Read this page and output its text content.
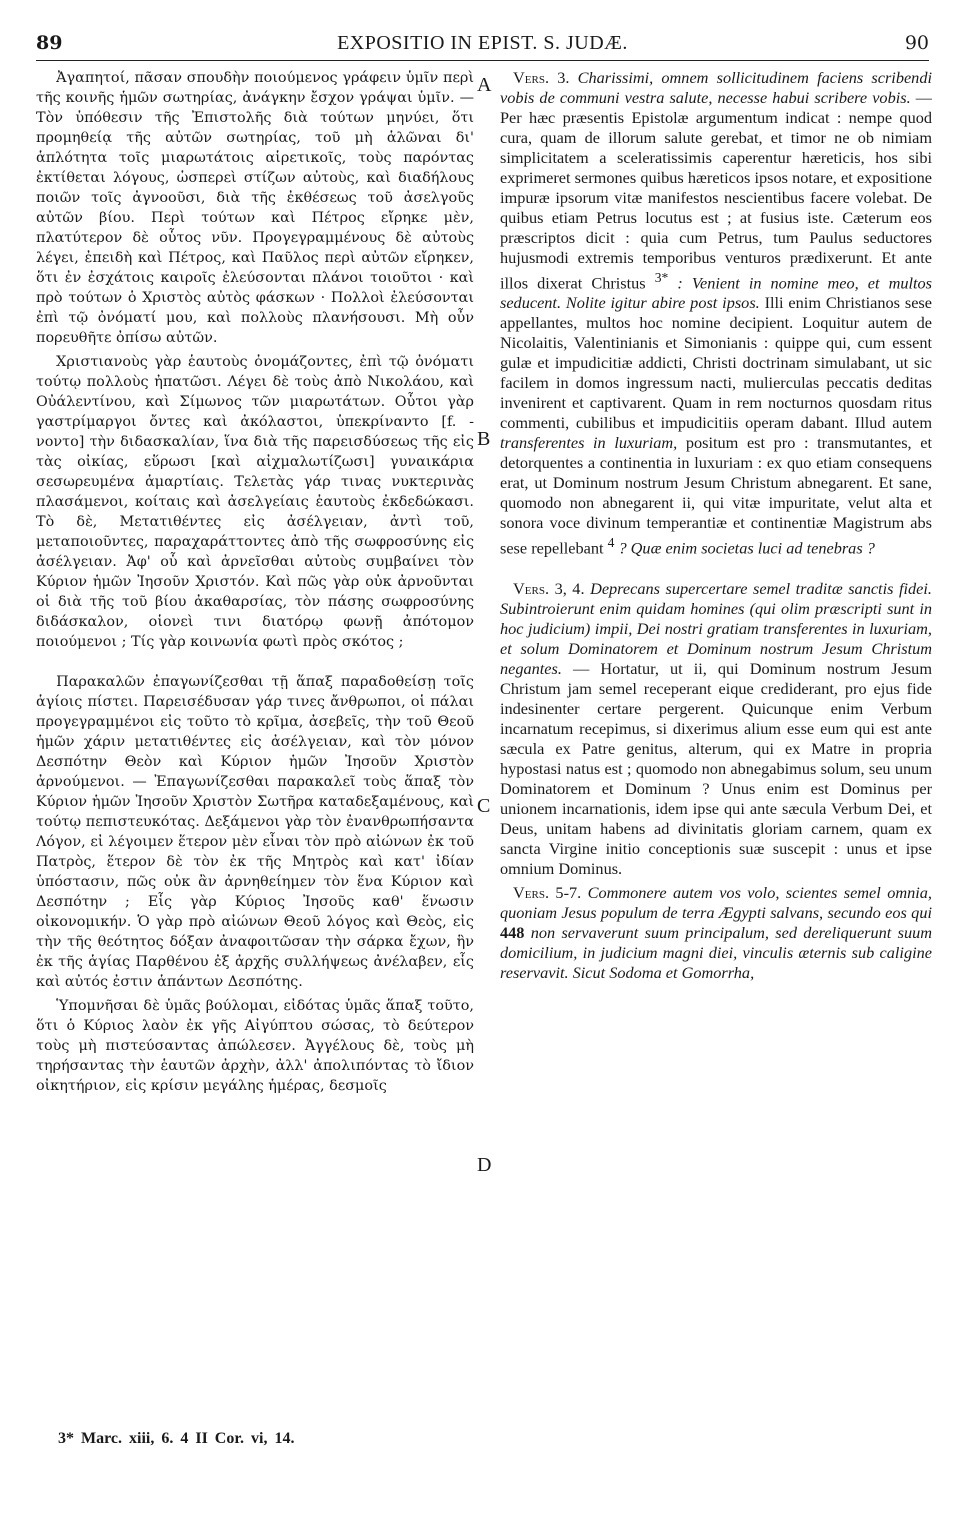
89	EXPOSITIO IN EPIST. S. JUDÆ.	90

Ἀγαπητοί, πᾶσαν σπουδὴν ποιούμενος γράφειν ὑμῖν περὶ τῆς κοινῆς ἡμῶν σωτηρίας, ἀνάγκην ἔσχον γράψαι ὑμῖν. — Τὸν ὑπόθεσιν τῆς Ἐπιστολῆς διὰ τούτων μηνύει, ὅτι προμηθείᾳ τῆς αὐτῶν σωτηρίας, τοῦ μὴ ἁλῶναι δι' ἁπλότητα τοῖς μιαρωτάτοις αἱρετικοῖς, τοὺς παρόντας ἐκτίθεται λόγους, ὡσπερεὶ στίζων αὐτοὺς, καὶ διαδήλους ποιῶν τοῖς ἀγνοοῦσι, διὰ τῆς ἐκθέσεως τοῦ ἀσελγοῦς αὐτῶν βίου. Περὶ τούτων καὶ Πέτρος εἴρηκε μὲν, πλατύτερον δὲ οὗτος νῦν. Προγεγραμμένους δὲ αὐτοὺς λέγει, ἐπειδὴ καὶ Πέτρος, καὶ Παῦλος περὶ αὐτῶν εἴρηκεν, ὅτι ἐν ἐσχάτοις καιροῖς ἐλεύσονται πλάνοι τοιοῦτοι · καὶ πρὸ τούτων ὁ Χριστὸς αὐτὸς φάσκων · Πολλοὶ ἐλεύσονται ἐπὶ τῷ ὀνόματί μου, καὶ πολλοὺς πλανήσουσι. Μὴ οὖν πορευθῆτε ὀπίσω αὐτῶν.

Χριστιανοὺς γὰρ ἑαυτοὺς ὀνομάζοντες, ἐπὶ τῷ ὀνόματι τούτῳ πολλοὺς ἠπατῶσι. Λέγει δὲ τοὺς ἀπὸ Νικολάου, καὶ Οὐάλεντίνου, καὶ Σίμωνος τῶν μιαρωτάτων. Οὗτοι γὰρ γαστρίμαργοι ὄντες καὶ ἀκόλαστοι, ὑπεκρίναντο [f. - νοντο] τὴν διδασκαλίαν, ἵνα διὰ τῆς παρεισδύσεως τῆς εἰς τὰς οἰκίας, εὕρωσι [καὶ αἰχμαλωτίζωσι] γυναικάρια σεσωρευμένα ἁμαρτίαις. Τελετὰς γάρ τινας νυκτερινὰς πλασάμενοι, κοίταις καὶ ἀσελγείαις ἑαυτοὺς ἐκδεδώκασι. Τὸ δὲ, Μετατιθέντες εἰς ἀσέλγειαν, ἀντὶ τοῦ, μεταποιοῦντες, παραχαράττοντες ἀπὸ τῆς σωφροσύνης εἰς ἀσέλγειαν. Ἀφ' οὗ καὶ ἀρνεῖσθαι αὐτοὺς συμβαίνει τὸν Κύριον ἡμῶν Ἰησοῦν Χριστόν. Καὶ πῶς γὰρ οὐκ ἀρνοῦνται οἱ διὰ τῆς τοῦ βίου ἀκαθαρσίας, τὸν πάσης σωφροσύνης διδάσκαλον, οἱονεὶ τινι διατόρῳ φωνῇ ἀπότομον ποιούμενοι ; Τίς γὰρ κοινωνία φωτὶ πρὸς σκότος ;

Παρακαλῶν ἐπαγωνίζεσθαι τῇ ἅπαξ παραδοθείσῃ τοῖς ἁγίοις πίστει. Παρεισέδυσαν γάρ τινες ἄνθρωποι, οἱ πάλαι προγεγραμμένοι εἰς τοῦτο τὸ κρῖμα, ἀσεβεῖς, τὴν τοῦ Θεοῦ ἡμῶν χάριν μετατιθέντες εἰς ἀσέλγειαν, καὶ τὸν μόνον Δεσπότην Θεὸν καὶ Κύριον ἡμῶν Ἰησοῦν Χριστὸν ἀρνούμενοι. — Ἐπαγωνίζεσθαι παρακαλεῖ τοὺς ἅπαξ τὸν Κύριον ἡμῶν Ἰησοῦν Χριστὸν Σωτῆρα καταδεξαμένους, καὶ τούτῳ πεπιστευκότας. Δεξάμενοι γὰρ τὸν ἐνανθρωπήσαντα Λόγον, εἰ λέγοιμεν ἕτερον μὲν εἶναι τὸν πρὸ αἰώνων ἐκ τοῦ Πατρὸς, ἕτερον δὲ τὸν ἐκ τῆς Μητρὸς καὶ κατ' ἰδίαν ὑπόστασιν, πῶς οὐκ ἂν ἀρνηθείημεν τὸν ἕνα Κύριον καὶ Δεσπότην ; Εἷς γὰρ Κύριος Ἰησοῦς καθ' ἕνωσιν οἰκονομικήν. Ὁ γὰρ πρὸ αἰώνων Θεοῦ λόγος καὶ Θεὸς, εἰς τὴν τῆς θεότητος δόξαν ἀναφοιτῶσαν τὴν σάρκα ἔχων, ἣν ἐκ τῆς ἁγίας Παρθένου ἐξ ἀρχῆς συλλήψεως ἀνέλαβεν, εἷς καὶ αὐτός ἐστιν ἁπάντων Δεσπότης.

Ὑπομνῆσαι δὲ ὑμᾶς βούλομαι, εἰδότας ὑμᾶς ἅπαξ τοῦτο, ὅτι ὁ Κύριος λαὸν ἐκ γῆς Αἰγύπτου σώσας, τὸ δεύτερον τοὺς μὴ πιστεύσαντας ἀπώλεσεν. Ἀγγέλους δὲ, τοὺς μὴ τηρήσαντας τὴν ἑαυτῶν ἀρχὴν, ἀλλ' ἀπολιπόντας τὸ ἴδιον οἰκητήριον, εἰς κρίσιν μεγάλης ἡμέρας, δεσμοῖς

A
B
C
D

Vers. 3. Charissimi, omnem sollicitudinem faciens scribendi vobis de communi vestra salute, necesse habui scribere vobis. — Per hæc præsentis Epistolæ argumentum indicat : nempe quod cura, quam de illorum salute gerebat, et timor ne ob nimiam simplicitatem a sceleratissimis caperentur hæreticis, hos sibi exprimeret sermones quibus hæreticos ipsos notare, et expositione impuræ ipsorum vitæ manifestos nescientibus facere volebat. De quibus etiam Petrus locutus est ; at fusius iste. Cæterum eos præscriptos dicit : quia cum Petrus, tum Paulus seductores hujusmodi extremis temporibus venturos prædixerunt. Et ante illos dixerat Christus $^{3*}$ : Venient in nomine meo, et multos seducent. Nolite igitur abire post ipsos. Illi enim Christianos sese appellantes, multos hoc nomine decipient. Loquitur autem de Nicolaitis, Valentinianis et Simonianis : quippe qui, cum essent gulæ et impudicitiæ addicti, Christi doctrinam simulabant, ut sic facilem in domos ingressum nacti, mulierculas peccatis deditas invenirent et captivarent. Quam in rem nocturnos quosdam ritus commenti, cubilibus et impudicitiis operam dabant. Illud autem transferentes in luxuriam, positum est pro : transmutantes, et detorquentes a continentia in luxuriam : ex quo etiam consequens erat, ut Dominum nostrum Jesum Christum abnegarent. Et sane, quomodo non abnegarent ii, qui vitæ impuritate, velut alta et sonora voce divinum temperantiæ et continentiæ Magistrum abs sese repellebant $^4$ ? Quæ enim societas luci ad tenebras ?

Vers. 3, 4. Deprecans supercertare semel traditæ sanctis fidei. Subintroierunt enim quidam homines (qui olim præscripti sunt in hoc judicium) impii, Dei nostri gratiam transferentes in luxuriam, et solum Dominatorem et Dominum nostrum Jesum Christum negantes. — Hortatur, ut ii, qui Dominum nostrum Jesum Christum jam semel receperant eique crediderant, pro ejus fide indesinenter certare pergerent. Quicunque enim Verbum incarnatum recepimus, si dixerimus alium esse eum qui est ante sæcula ex Patre genitus, alterum, qui ex Matre in propria hypostasi natus est ; quomodo non abnegabimus solum, seu unum Dominatorem et Dominum ? Unus enim est Dominus per unionem incarnationis, idem ipse qui ante sæcula Verbum Dei, et Deus, unitam habens ad divinitatis gloriam carnem, quam ex sancta Virgine initio conceptionis suæ suscepit : unus et ipse omnium Dominus.

Vers. 5-7. Commonere autem vos volo, scientes semel omnia, quoniam Jesus populum de terra Ægypti salvans, secundo eos qui 448 non servaverunt suum principalum, sed dereliquerunt suum domicilium, in judicium magni diei, vinculis æternis sub caligine reservavit. Sicut Sodoma et Gomorrha,

3* Marc. xiii, 6. 4 II Cor. vi, 14.
